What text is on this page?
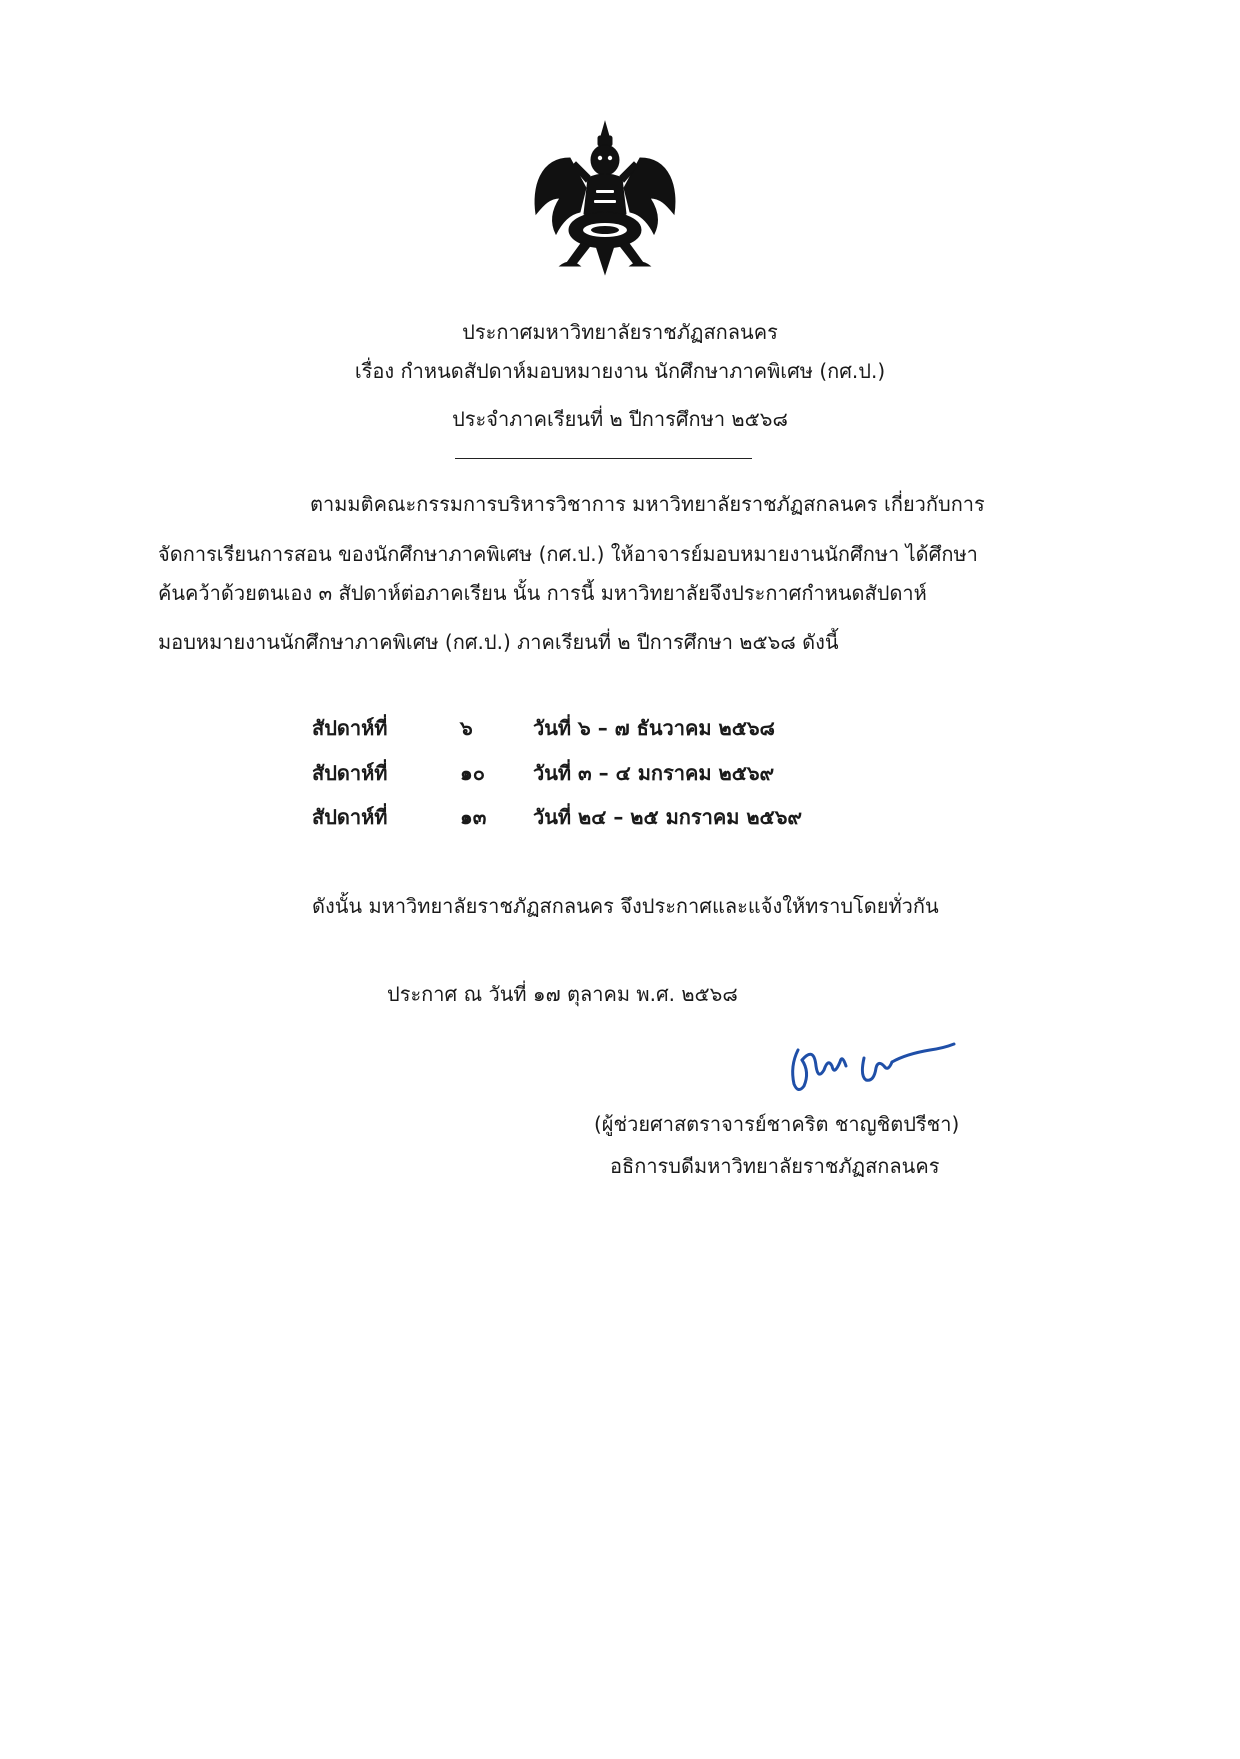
ประกาศมหาวิทยาลัยราชภัฏสกลนคร
เรื่อง กำหนดสัปดาห์มอบหมายงาน นักศึกษาภาคพิเศษ (กศ.ป.)
ประจำภาคเรียนที่ ๒ ปีการศึกษา ๒๕๖๘
ตามมติคณะกรรมการบริหารวิชาการ มหาวิทยาลัยราชภัฏสกลนคร เกี่ยวกับการ
จัดการเรียนการสอน ของนักศึกษาภาคพิเศษ (กศ.ป.) ให้อาจารย์มอบหมายงานนักศึกษา ได้ศึกษา
ค้นคว้าด้วยตนเอง ๓ สัปดาห์ต่อภาคเรียน นั้น การนี้ มหาวิทยาลัยจึงประกาศกำหนดสัปดาห์
มอบหมายงานนักศึกษาภาคพิเศษ (กศ.ป.) ภาคเรียนที่ ๒ ปีการศึกษา ๒๕๖๘ ดังนี้
สัปดาห์ที่	๖	วันที่ ๖ – ๗ ธันวาคม ๒๕๖๘
สัปดาห์ที่	๑๐ วันที่ ๓ – ๔ มกราคม ๒๕๖๙
สัปดาห์ที่	๑๓ วันที่ ๒๔ – ๒๕ มกราคม ๒๕๖๙
ดังนั้น มหาวิทยาลัยราชภัฏสกลนคร จึงประกาศและแจ้งให้ทราบโดยทั่วกัน
ประกาศ ณ วันที่ ๑๗ ตุลาคม พ.ศ. ๒๕๖๘
(ผู้ช่วยศาสตราจารย์ชาคริต ชาญชิตปรีชา)
อธิการบดีมหาวิทยาลัยราชภัฏสกลนคร
